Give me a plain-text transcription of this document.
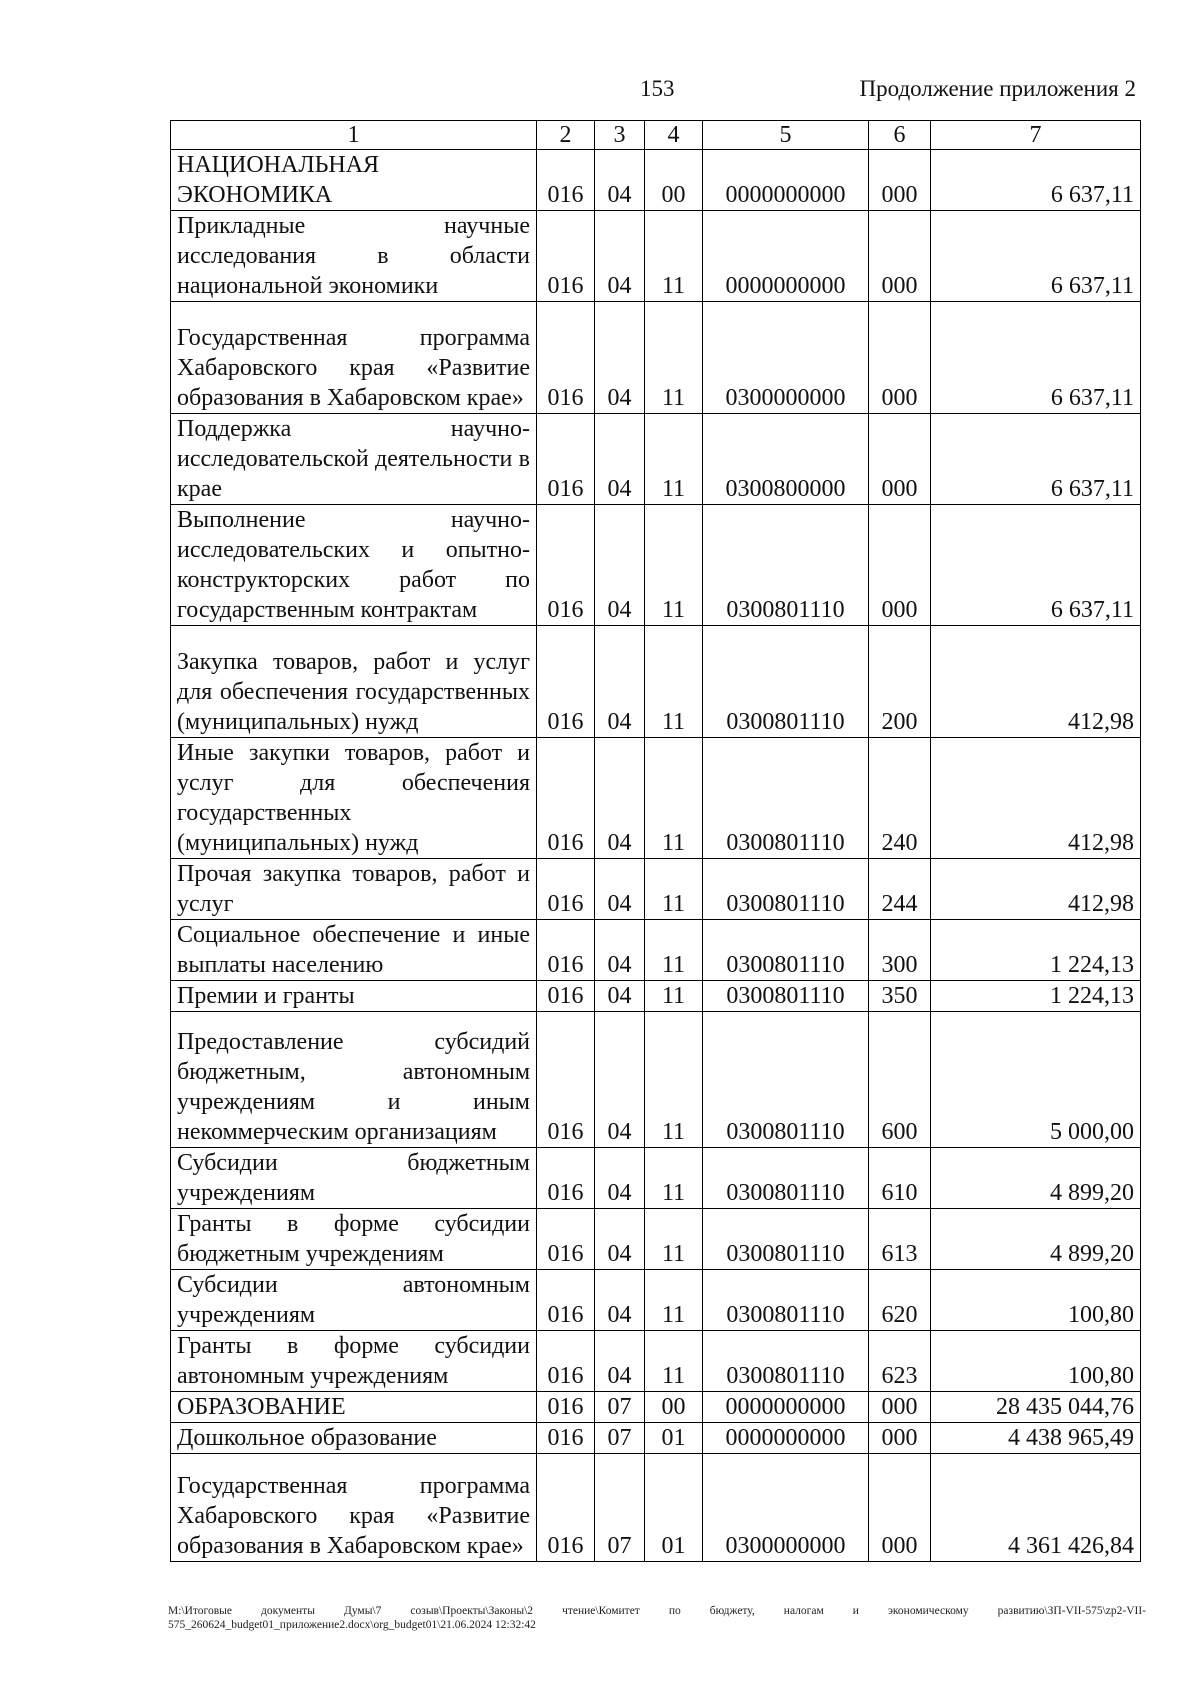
153	Продолжение приложения 2
1	2	3	4	5	6	7
НАЦИОНАЛЬНАЯ ЭКОНОМИКА	016	04	00	0000000000	000	6 637,11
Прикладные научные исследования в области национальной экономики	016	04	11	0000000000	000	6 637,11
Государственная программа Хабаровского края «Развитие образования в Хабаровском крае»	016	04	11	0300000000	000	6 637,11
Поддержка научно-исследовательской деятельности в крае	016	04	11	0300800000	000	6 637,11
Выполнение научно-исследовательских и опытно-конструкторских работ по государственным контрактам	016	04	11	0300801110	000	6 637,11
Закупка товаров, работ и услуг для обеспечения государственных (муниципальных) нужд	016	04	11	0300801110	200	412,98
Иные закупки товаров, работ и услуг для обеспечения государственных (муниципальных) нужд	016	04	11	0300801110	240	412,98
Прочая закупка товаров, работ и услуг	016	04	11	0300801110	244	412,98
Социальное обеспечение и иные выплаты населению	016	04	11	0300801110	300	1 224,13
Премии и гранты	016	04	11	0300801110	350	1 224,13
Предоставление субсидий бюджетным, автономным учреждениям и иным некоммерческим организациям	016	04	11	0300801110	600	5 000,00
Субсидии бюджетным учреждениям	016	04	11	0300801110	610	4 899,20
Гранты в форме субсидии бюджетным учреждениям	016	04	11	0300801110	613	4 899,20
Субсидии автономным учреждениям	016	04	11	0300801110	620	100,80
Гранты в форме субсидии автономным учреждениям	016	04	11	0300801110	623	100,80
ОБРАЗОВАНИЕ	016	07	00	0000000000	000	28 435 044,76
Дошкольное образование	016	07	01	0000000000	000	4 438 965,49
Государственная программа Хабаровского края «Развитие образования в Хабаровском крае»	016	07	01	0300000000	000	4 361 426,84
M:\Итоговые документы Думы\7 созыв\Проекты\Законы\2 чтение\Комитет по бюджету, налогам и экономическому развитию\ЗП-VII-575\zp2-VII-575_260624_budget01_приложение2.docx\org_budget01\21.06.2024 12:32:42
